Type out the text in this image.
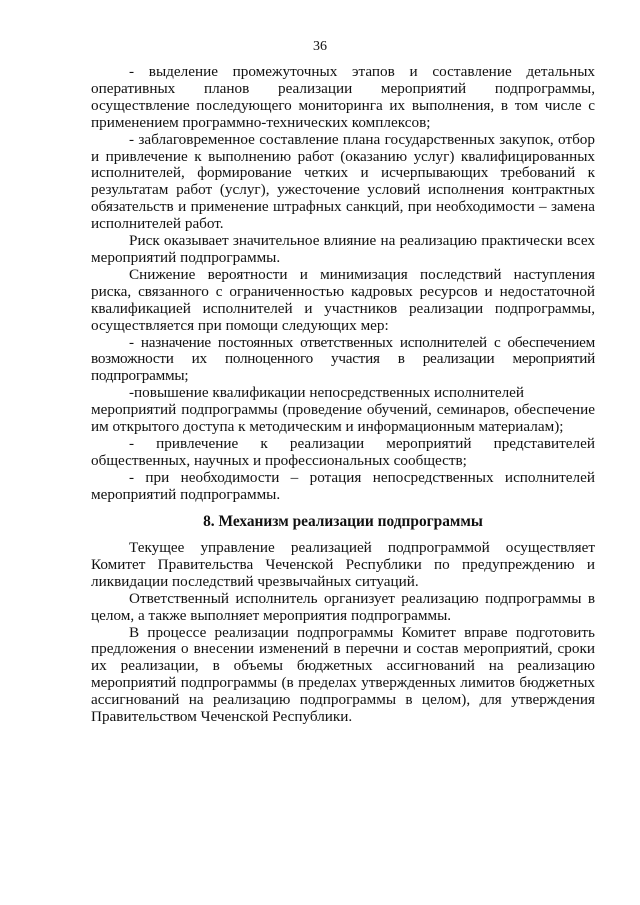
36

- выделение промежуточных этапов и составление детальных оперативных планов реализации мероприятий подпрограммы, осуществление последующего мониторинга их выполнения, в том числе с применением программно-технических комплексов;

- заблаговременное составление плана государственных закупок, отбор и привлечение к выполнению работ (оказанию услуг) квалифицированных исполнителей, формирование четких и исчерпывающих требований к результатам работ (услуг), ужесточение условий исполнения контрактных обязательств и применение штрафных санкций, при необходимости – замена исполнителей работ.

Риск оказывает значительное влияние на реализацию практически всех мероприятий подпрограммы.

Снижение вероятности и минимизация последствий наступления риска, связанного с ограниченностью кадровых ресурсов и недостаточной квалификацией исполнителей и участников реализации подпрограммы, осуществляется при помощи следующих мер:

- назначение постоянных ответственных исполнителей с обеспечением возможности их полноценного участия в реализации мероприятий подпрограммы;

-повышение квалификации непосредственных исполнителей

мероприятий подпрограммы (проведение обучений, семинаров, обеспечение им открытого доступа к методическим и информационным материалам);

- привлечение к реализации мероприятий представителей общественных, научных и профессиональных сообществ;

- при необходимости – ротация непосредственных исполнителей мероприятий подпрограммы.

8. Механизм реализации подпрограммы

Текущее управление реализацией подпрограммой осуществляет Комитет Правительства Чеченской Республики по предупреждению и ликвидации последствий чрезвычайных ситуаций.

Ответственный исполнитель организует реализацию подпрограммы в целом, а также выполняет мероприятия подпрограммы.

В процессе реализации подпрограммы Комитет вправе подготовить предложения о внесении изменений в перечни и состав мероприятий, сроки их реализации, в объемы бюджетных ассигнований на реализацию мероприятий подпрограммы (в пределах утвержденных лимитов бюджетных ассигнований на реализацию подпрограммы в целом), для утверждения Правительством Чеченской Республики.
